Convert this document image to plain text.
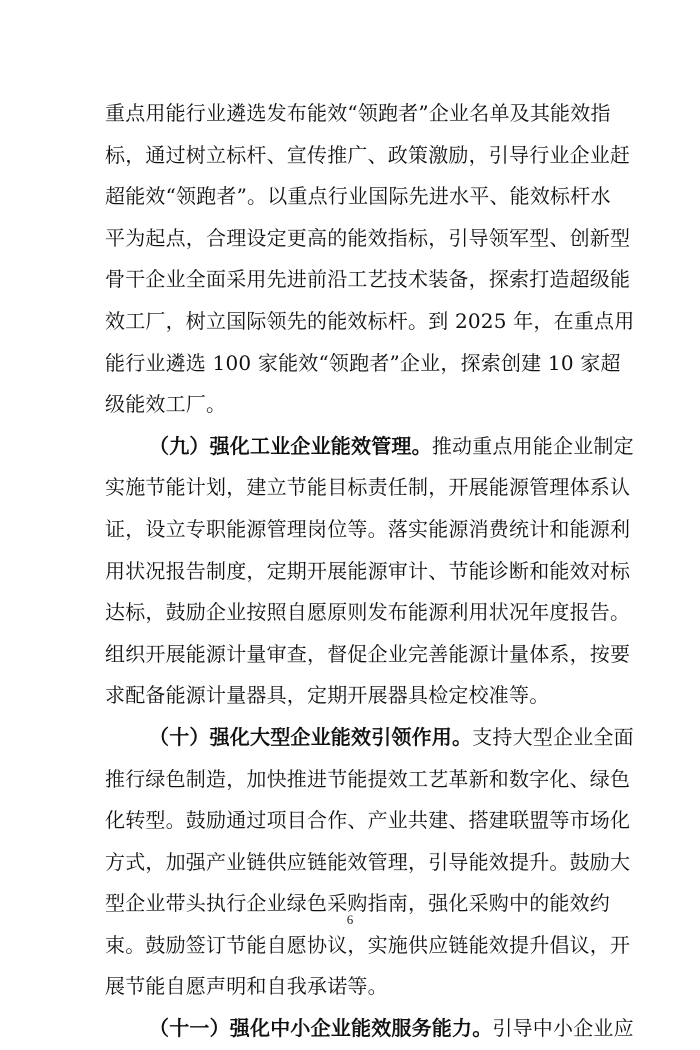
重点用能行业遴选发布能效“领跑者”企业名单及其能效指
标，通过树立标杆、宣传推广、政策激励，引导行业企业赶
超能效“领跑者”。以重点行业国际先进水平、能效标杆水
平为起点，合理设定更高的能效指标，引导领军型、创新型
骨干企业全面采用先进前沿工艺技术装备，探索打造超级能
效工厂，树立国际领先的能效标杆。到 2025 年，在重点用
能行业遴选 100 家能效“领跑者”企业，探索创建 10 家超
级能效工厂。
（九）强化工业企业能效管理。推动重点用能企业制定
实施节能计划，建立节能目标责任制，开展能源管理体系认
证，设立专职能源管理岗位等。落实能源消费统计和能源利
用状况报告制度，定期开展能源审计、节能诊断和能效对标
达标，鼓励企业按照自愿原则发布能源利用状况年度报告。
组织开展能源计量审查，督促企业完善能源计量体系，按要
求配备能源计量器具，定期开展器具检定校准等。
（十）强化大型企业能效引领作用。支持大型企业全面
推行绿色制造，加快推进节能提效工艺革新和数字化、绿色
化转型。鼓励通过项目合作、产业共建、搭建联盟等市场化
方式，加强产业链供应链能效管理，引导能效提升。鼓励大
型企业带头执行企业绿色采购指南，强化采购中的能效约
束。鼓励签订节能自愿协议，实施供应链能效提升倡议，开
展节能自愿声明和自我承诺等。
（十一）强化中小企业能效服务能力。引导中小企业应
6
